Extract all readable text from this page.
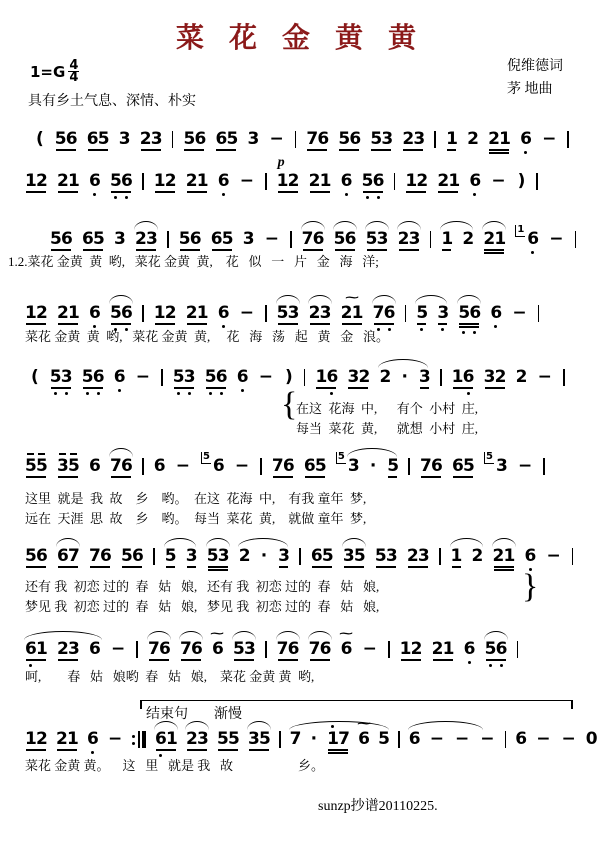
菜 花 金 黄 黄
$1=G \frac{4}{4}$	倪维德词
茅 地曲
具有乡土气息、深情、朴实
( 5 6 6 5 3 2 3 5 6 6 5 3 − 7 6 5 6 5 3 2 3 1 2 2 1 6 −
1 2 2 1 6 5 6 1 2 2 1 6 − 1 2
p
2 1 6 5 6 1 2 2 1 6 − )
5 6 6 5 3 2 3 5 6 6 5 3 − 7 6 5 6 5 3 2 3 1 2 2 1 1 6 −
1.2.菜花 金黄  黄  哟,   菜花 金黄  黄,    花   似   一   片   金   海   洋;
1 2 2 1 6 5 6 1 2 2 1 6 − 5 3 2 3 2 1
~
7 6 5 3 5 6 6 −
菜花 金黄  黄  哟,   菜花 金黄  黄,     花   海   荡   起   黄   金   浪。
( 5 3 5 6 6 − 5 3 5 6 6 − ) 1 6 3 2 2 · 3 1 6 3 2 2 −
在这  花海  中,      有个  小村  庄,
每当  菜花  黄,      就想  小村  庄,
5 5 3 5 6 7 6 6 − 5 6 − 7 6 6 5 5 3 · 5 7 6 6 5 5 3 −
这里  就是  我  故    乡    哟。  在这  花海  中,    有我 童年  梦,
远在  天涯  思  故    乡    哟。  每当  菜花  黄,    就做 童年  梦,
5 6 6 7 7 6 5 6 5 3 5 3 2 · 3 6 5 3 5 5 3 2 3 1 2 2 1 6 −
还有 我  初恋 过的  春   姑   娘,   还有 我  初恋 过的  春   姑   娘,
梦见 我  初恋 过的  春   姑   娘,   梦见 我  初恋 过的  春   姑   娘,
6 1 2 3 6 − 7 6 7 6 6
~
5 3 7 6 7 6 6
~
− 1 2 2 1 6 5 6
呵,        春   姑   娘哟  春   姑   娘,    菜花 金黄 黄  哟,
1 2 2 1 6 − 6 1 2 3 5 5 3 5 7 · 1 7 6
~
5 6 − − − 6 − − 0
菜花 金黄 黄。    这   里   就是 我   故                    乡。
{
}
结束句 渐慢
sunzp抄谱20110225.
